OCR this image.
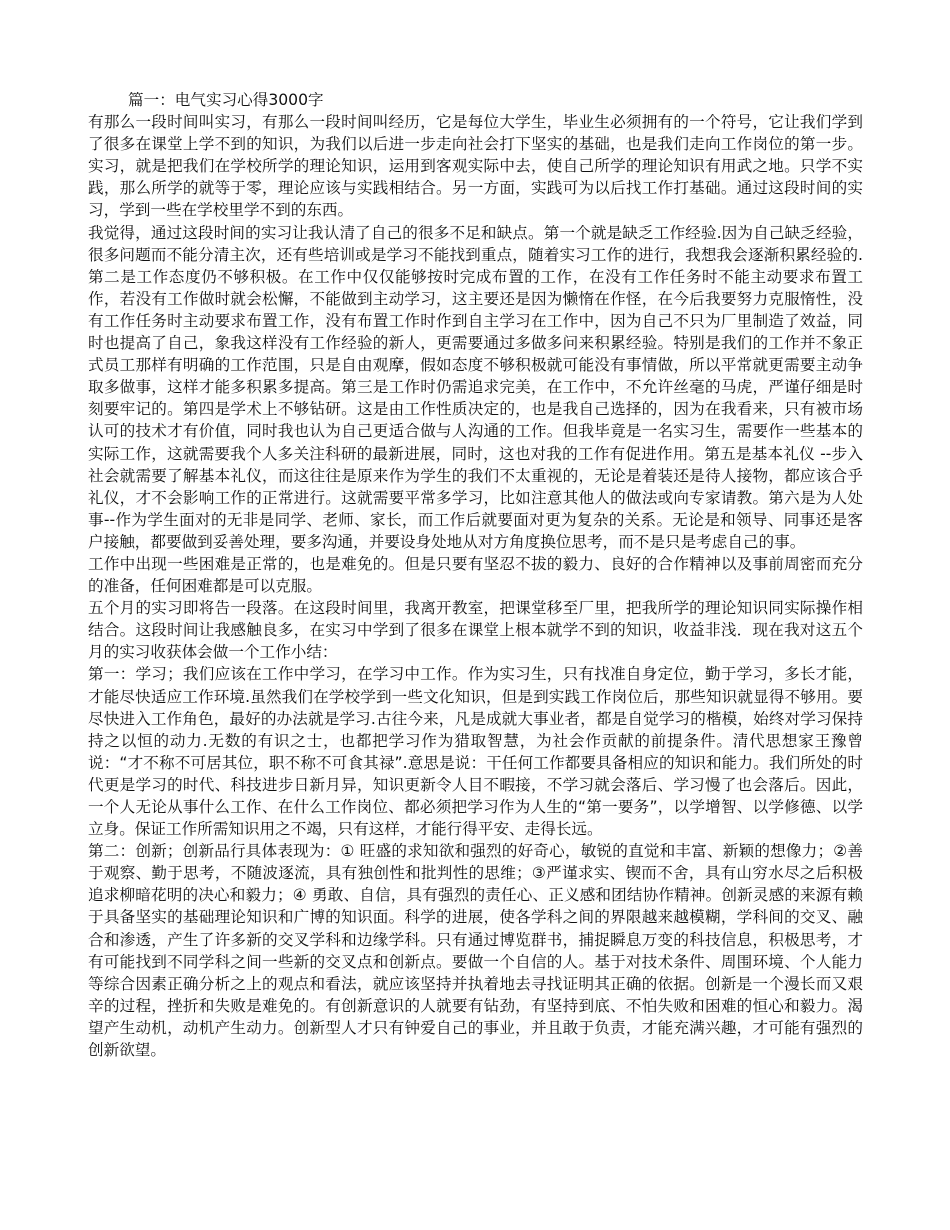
篇一：电气实习心得3000字

有那么一段时间叫实习，有那么一段时间叫经历，它是每位大学生，毕业生必须拥有的一个符号，它让我们学到了很多在课堂上学不到的知识，为我们以后进一步走向社会打下坚实的基础，也是我们走向工作岗位的第一步。实习，就是把我们在学校所学的理论知识，运用到客观实际中去，使自己所学的理论知识有用武之地。只学不实践，那么所学的就等于零，理论应该与实践相结合。另一方面，实践可为以后找工作打基础。通过这段时间的实习，学到一些在学校里学不到的东西。

我觉得，通过这段时间的实习让我认清了自己的很多不足和缺点。第一个就是缺乏工作经验.因为自己缺乏经验，很多问题而不能分清主次，还有些培训或是学习不能找到重点，随着实习工作的进行，我想我会逐渐积累经验的.第二是工作态度仍不够积极。在工作中仅仅能够按时完成布置的工作，在没有工作任务时不能主动要求布置工作，若没有工作做时就会松懈，不能做到主动学习，这主要还是因为懒惰在作怪，在今后我要努力克服惰性，没有工作任务时主动要求布置工作，没有布置工作时作到自主学习在工作中，因为自己不只为厂里制造了效益，同时也提高了自己，象我这样没有工作经验的新人，更需要通过多做多问来积累经验。特别是我们的工作并不象正式员工那样有明确的工作范围，只是自由观摩，假如态度不够积极就可能没有事情做，所以平常就更需要主动争取多做事，这样才能多积累多提高。第三是工作时仍需追求完美，在工作中，不允许丝毫的马虎，严谨仔细是时刻要牢记的。第四是学术上不够钻研。这是由工作性质决定的，也是我自己选择的，因为在我看来，只有被市场认可的技术才有价值，同时我也认为自己更适合做与人沟通的工作。但我毕竟是一名实习生，需要作一些基本的实际工作，这就需要我个人多关注科研的最新进展，同时，这也对我的工作有促进作用。第五是基本礼仪 --步入社会就需要了解基本礼仪，而这往往是原来作为学生的我们不太重视的，无论是着装还是待人接物，都应该合乎礼仪，才不会影响工作的正常进行。这就需要平常多学习，比如注意其他人的做法或向专家请教。第六是为人处事--作为学生面对的无非是同学、老师、家长，而工作后就要面对更为复杂的关系。无论是和领导、同事还是客户接触，都要做到妥善处理，要多沟通，并要设身处地从对方角度换位思考，而不是只是考虑自己的事。

工作中出现一些困难是正常的，也是难免的。但是只要有坚忍不拔的毅力、良好的合作精神以及事前周密而充分的准备，任何困难都是可以克服。

五个月的实习即将告一段落。在这段时间里，我离开教室，把课堂移至厂里，把我所学的理论知识同实际操作相结合。这段时间让我感触良多，在实习中学到了很多在课堂上根本就学不到的知识，收益非浅．现在我对这五个月的实习收获体会做一个工作小结：

第一：学习；我们应该在工作中学习，在学习中工作。作为实习生，只有找准自身定位，勤于学习，多长才能，才能尽快适应工作环境.虽然我们在学校学到一些文化知识，但是到实践工作岗位后，那些知识就显得不够用。要尽快进入工作角色，最好的办法就是学习.古往今来，凡是成就大事业者，都是自觉学习的楷模，始终对学习保持持之以恒的动力.无数的有识之士，也都把学习作为猎取智慧，为社会作贡献的前提条件。清代思想家王豫曾说：“才不称不可居其位，职不称不可食其禄”.意思是说：干任何工作都要具备相应的知识和能力。我们所处的时代更是学习的时代、科技进步日新月异，知识更新令人目不暇接，不学习就会落后、学习慢了也会落后。因此，一个人无论从事什么工作、在什么工作岗位、都必须把学习作为人生的“第一要务”，以学增智、以学修德、以学立身。保证工作所需知识用之不竭，只有这样，才能行得平安、走得长远。

第二：创新；创新品行具体表现为：① 旺盛的求知欲和强烈的好奇心，敏锐的直觉和丰富、新颖的想像力；②善于观察、勤于思考，不随波逐流，具有独创性和批判性的思维；③严谨求实、锲而不舍，具有山穷水尽之后积极追求柳暗花明的决心和毅力；④ 勇敢、自信，具有强烈的责任心、正义感和团结协作精神。创新灵感的来源有赖于具备坚实的基础理论知识和广博的知识面。科学的进展，使各学科之间的界限越来越模糊，学科间的交叉、融合和渗透，产生了许多新的交叉学科和边缘学科。只有通过博览群书，捕捉瞬息万变的科技信息，积极思考，才有可能找到不同学科之间一些新的交叉点和创新点。要做一个自信的人。基于对技术条件、周围环境、个人能力等综合因素正确分析之上的观点和看法，就应该坚持并执着地去寻找证明其正确的依据。创新是一个漫长而又艰辛的过程，挫折和失败是难免的。有创新意识的人就要有钻劲，有坚持到底、不怕失败和困难的恒心和毅力。渴望产生动机，动机产生动力。创新型人才只有钟爱自己的事业，并且敢于负责，才能充满兴趣，才可能有强烈的创新欲望。
